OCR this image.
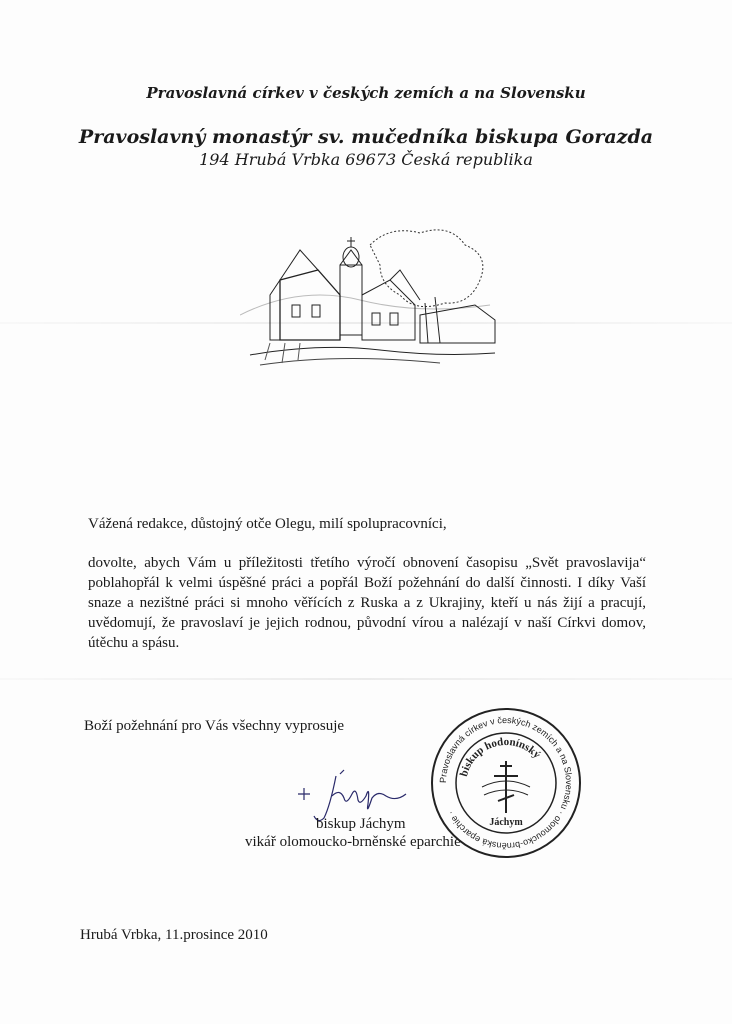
Pravoslavná církev v českých zemích a na Slovensku
Pravoslavný monastýr sv. mučedníka biskupa Gorazda
194 Hrubá Vrbka 69673 Česká republika
Vážená redakce, důstojný otče Olegu, milí spolupracovníci,
dovolte, abych Vám u příležitosti třetího výročí obnovení časopisu „Svět pravoslavija“ poblahopřál k velmi úspěšné práci a popřál Boží požehnání do další činnosti. I díky Vaší snaze a nezištné práci si mnoho věřících z Ruska a z Ukrajiny, kteří u nás žijí a pracují, uvědomují, že pravoslaví je jejich rodnou, původní vírou a nalézají v naší Církvi domov, útěchu a spásu.
Boží požehnání pro Vás všechny vyprosuje
biskup Jáchym
vikář olomoucko-brněnské eparchie
Pravoslavná církev v českých zemích a na Slovensku · olomoucko-brněnská eparchie ·
biskup hodonínský
Jáchym
Hrubá Vrbka, 11.prosince 2010
